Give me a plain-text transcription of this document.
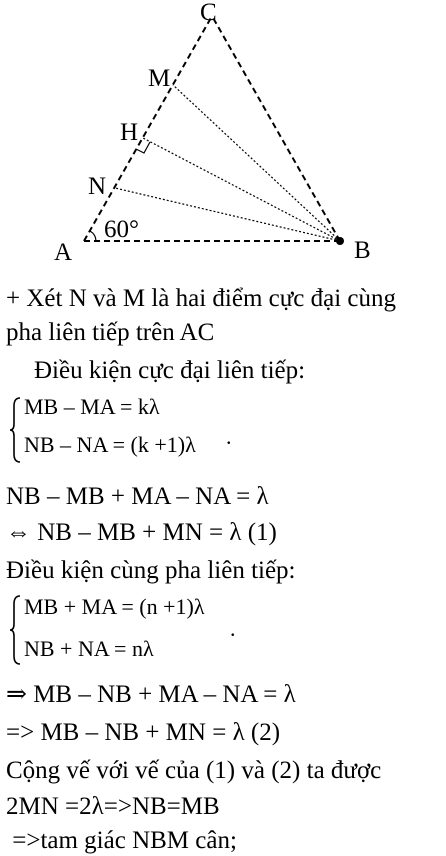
C
M
H
N
60°
A	B
+ Xét N và M là hai điểm cực đại cùng
pha liên tiếp trên AC
Điều kiện cực đại liên tiếp:
MB – MA = kλ
NB – NA = (k +1)λ .
NB – MB + MA – NA = λ
⇔ NB – MB + MN = λ (1)
Điều kiện cùng pha liên tiếp:
MB + MA = (n +1)λ
NB + NA = nλ
.
⇒ MB – NB + MA – NA = λ
=> MB – NB + MN = λ (2)
Cộng vế với vế của (1) và (2) ta được
2MN =2λ=>NB=MB
=>tam giác NBM cân;
